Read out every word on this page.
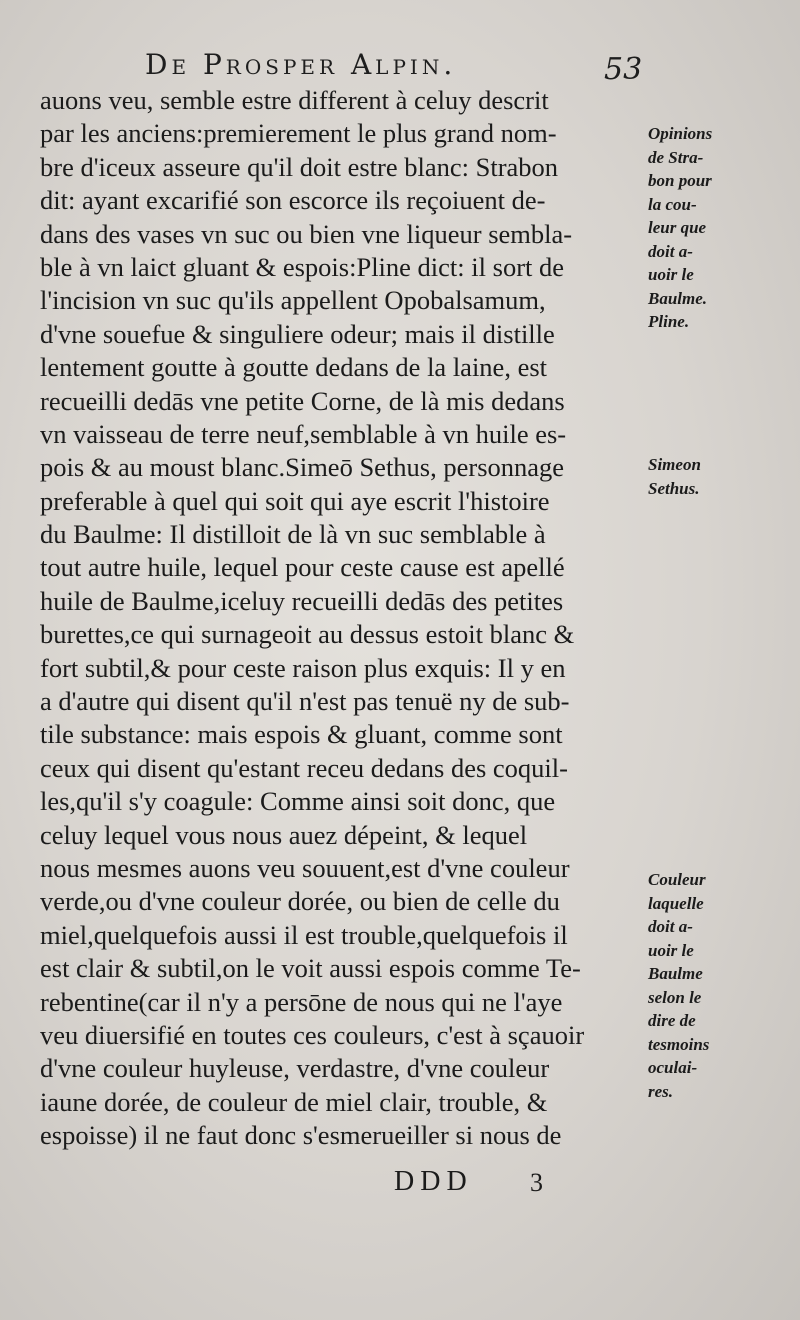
De Prosper Alpin.	53
auons veu, semble estre different à celuy descrit
par les anciens:premierement le plus grand nom-
bre d'iceux asseure qu'il doit estre blanc: Strabon
dit: ayant excarifié son escorce ils reçoiuent de-
dans des vases vn suc ou bien vne liqueur sembla-
ble à vn laict gluant & espois:Pline dict: il sort de
l'incision vn suc qu'ils appellent Opobalsamum,
d'vne souefue & singuliere odeur; mais il distille
lentement goutte à goutte dedans de la laine, est
recueilli dedās vne petite Corne, de là mis dedans
vn vaisseau de terre neuf,semblable à vn huile es-
pois & au moust blanc.Simeō Sethus, personnage
preferable à quel qui soit qui aye escrit l'histoire
du Baulme: Il distilloit de là vn suc semblable à
tout autre huile, lequel pour ceste cause est apellé
huile de Baulme,iceluy recueilli dedās des petites
burettes,ce qui surnageoit au dessus estoit blanc &
fort subtil,& pour ceste raison plus exquis: Il y en
a d'autre qui disent qu'il n'est pas tenuë ny de sub-
tile substance: mais espois & gluant, comme sont
ceux qui disent qu'estant receu dedans des coquil-
les,qu'il s'y coagule: Comme ainsi soit donc, que
celuy lequel vous nous auez dépeint, & lequel
nous mesmes auons veu souuent,est d'vne couleur
verde,ou d'vne couleur dorée, ou bien de celle du
miel,quelquefois aussi il est trouble,quelquefois il
est clair & subtil,on le voit aussi espois comme Te-
rebentine(car il n'y a persōne de nous qui ne l'aye
veu diuersifié en toutes ces couleurs, c'est à sçauoir
d'vne couleur huyleuse, verdastre, d'vne couleur
iaune dorée, de couleur de miel clair, trouble, &
espoisse) il ne faut donc s'esmerueiller si nous de
Opinions
de Stra-
bon pour
la cou-
leur que
doit a-
uoir le
Baulme.
Pline.
Simeon
Sethus.
Couleur
laquelle
doit a-
uoir le
Baulme
selon le
dire de
tesmoins
oculai-
res.
DDD 3
